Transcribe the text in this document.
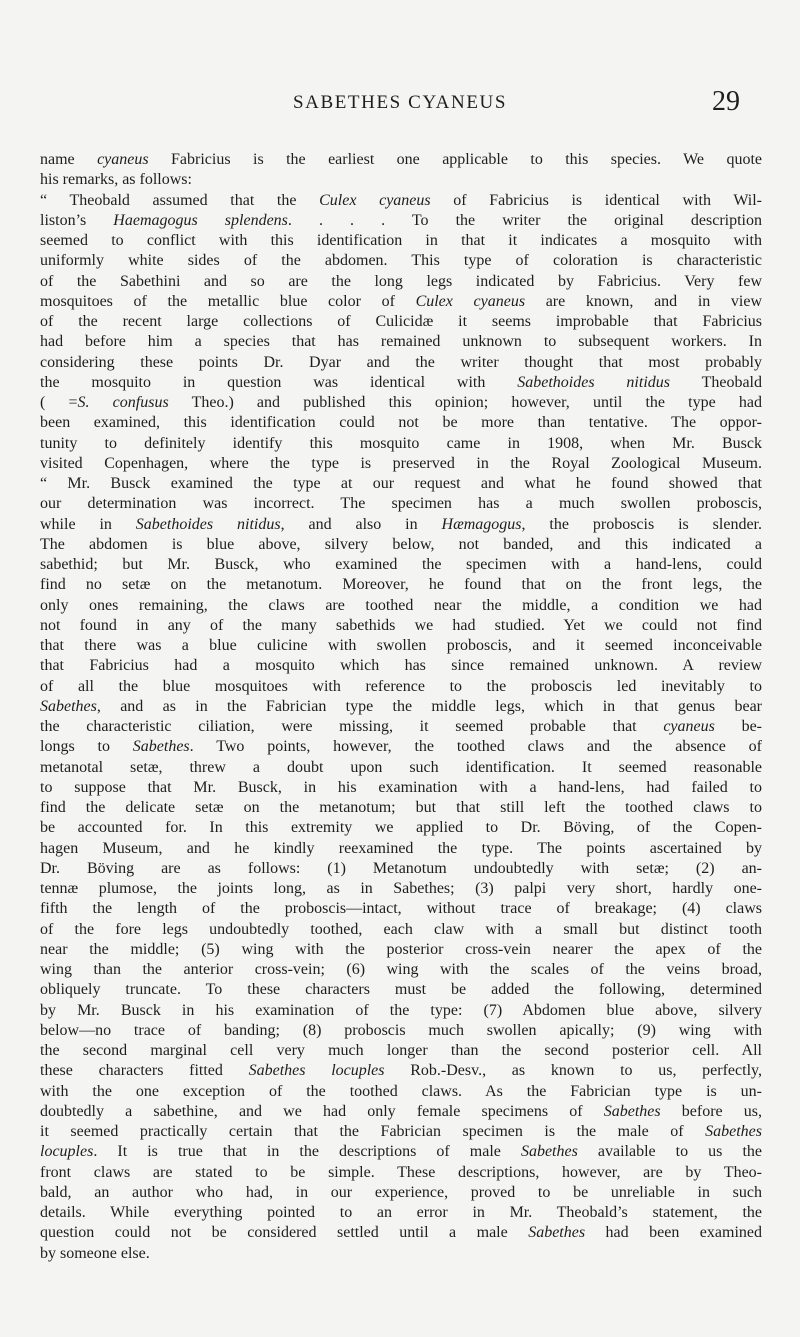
SABETHES CYANEUS	29
name cyaneus Fabricius is the earliest one applicable to this species. We quote
his remarks, as follows:
“ Theobald assumed that the Culex cyaneus of Fabricius is identical with Wil-
liston’s Haemagogus splendens. . . . To the writer the original description
seemed to conflict with this identification in that it indicates a mosquito with
uniformly white sides of the abdomen. This type of coloration is characteristic
of the Sabethini and so are the long legs indicated by Fabricius. Very few
mosquitoes of the metallic blue color of Culex cyaneus are known, and in view
of the recent large collections of Culicidæ it seems improbable that Fabricius
had before him a species that has remained unknown to subsequent workers. In
considering these points Dr. Dyar and the writer thought that most probably
the mosquito in question was identical with Sabethoides nitidus Theobald
( =S. confusus Theo.) and published this opinion; however, until the type had
been examined, this identification could not be more than tentative. The oppor-
tunity to definitely identify this mosquito came in 1908, when Mr. Busck
visited Copenhagen, where the type is preserved in the Royal Zoological Museum.
“ Mr. Busck examined the type at our request and what he found showed that
our determination was incorrect. The specimen has a much swollen proboscis,
while in Sabethoides nitidus, and also in Hæmagogus, the proboscis is slender.
The abdomen is blue above, silvery below, not banded, and this indicated a
sabethid; but Mr. Busck, who examined the specimen with a hand-lens, could
find no setæ on the metanotum. Moreover, he found that on the front legs, the
only ones remaining, the claws are toothed near the middle, a condition we had
not found in any of the many sabethids we had studied. Yet we could not find
that there was a blue culicine with swollen proboscis, and it seemed inconceivable
that Fabricius had a mosquito which has since remained unknown. A review
of all the blue mosquitoes with reference to the proboscis led inevitably to
Sabethes, and as in the Fabrician type the middle legs, which in that genus bear
the characteristic ciliation, were missing, it seemed probable that cyaneus be-
longs to Sabethes. Two points, however, the toothed claws and the absence of
metanotal setæ, threw a doubt upon such identification. It seemed reasonable
to suppose that Mr. Busck, in his examination with a hand-lens, had failed to
find the delicate setæ on the metanotum; but that still left the toothed claws to
be accounted for. In this extremity we applied to Dr. Böving, of the Copen-
hagen Museum, and he kindly reexamined the type. The points ascertained by
Dr. Böving are as follows: (1) Metanotum undoubtedly with setæ; (2) an-
tennæ plumose, the joints long, as in Sabethes; (3) palpi very short, hardly one-
fifth the length of the proboscis—intact, without trace of breakage; (4) claws
of the fore legs undoubtedly toothed, each claw with a small but distinct tooth
near the middle; (5) wing with the posterior cross-vein nearer the apex of the
wing than the anterior cross-vein; (6) wing with the scales of the veins broad,
obliquely truncate. To these characters must be added the following, determined
by Mr. Busck in his examination of the type: (7) Abdomen blue above, silvery
below—no trace of banding; (8) proboscis much swollen apically; (9) wing with
the second marginal cell very much longer than the second posterior cell. All
these characters fitted Sabethes locuples Rob.-Desv., as known to us, perfectly,
with the one exception of the toothed claws. As the Fabrician type is un-
doubtedly a sabethine, and we had only female specimens of Sabethes before us,
it seemed practically certain that the Fabrician specimen is the male of Sabethes
locuples. It is true that in the descriptions of male Sabethes available to us the
front claws are stated to be simple. These descriptions, however, are by Theo-
bald, an author who had, in our experience, proved to be unreliable in such
details. While everything pointed to an error in Mr. Theobald’s statement, the
question could not be considered settled until a male Sabethes had been examined
by someone else.
